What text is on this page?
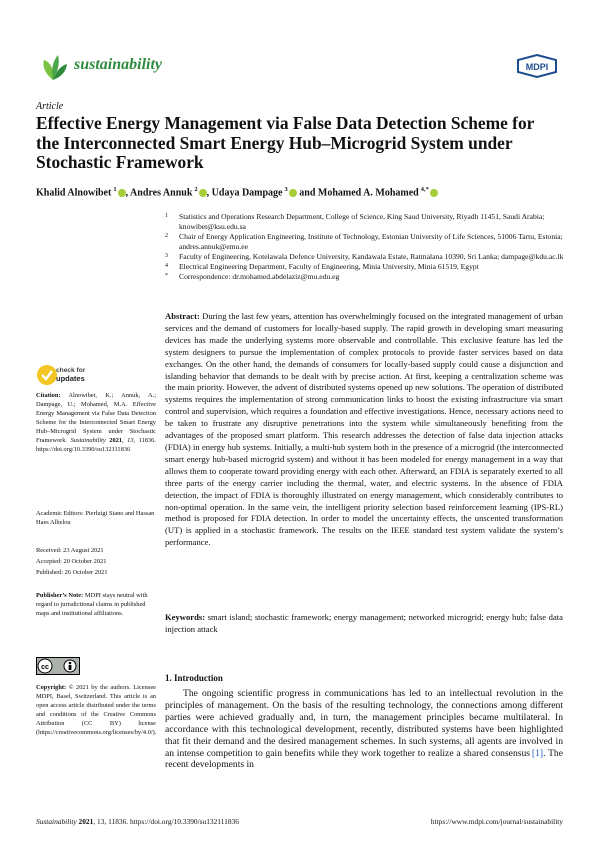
sustainability	MDPI
Article
Effective Energy Management via False Data Detection Scheme for the Interconnected Smart Energy Hub–Microgrid System under Stochastic Framework
Khalid Alnowibet  $^1$ , Andres Annuk  $^2$ , Udaya Dampage  $^3$ and Mohamed A. Mohamed  $^{4,*}$
1 Statistics and Operations Research Department, College of Science, King Saud University, Riyadh 11451, Saudi Arabia; knowibet@ksu.edu.sa
2 Chair of Energy Application Engineering, Institute of Technology, Estonian University of Life Sciences, 51006 Tartu, Estonia; andres.annuk@emu.ee
3 Faculty of Engineering, Kotelawala Defence University, Kandawala Estate, Ratmalana 10390, Sri Lanka; dampage@kdu.ac.lk
4 Electrical Engineering Department, Faculty of Engineering, Minia University, Minia 61519, Egypt
* Correspondence: dr.mohamed.abdelaziz@mu.edu.eg
Abstract: During the last few years, attention has overwhelmingly focused on the integrated management of urban services and the demand of customers for locally-based supply. The rapid growth in developing smart measuring devices has made the underlying systems more observable and controllable. This exclusive feature has led the system designers to pursue the implementation of complex protocols to provide faster services based on data exchanges. On the other hand, the demands of consumers for locally-based supply could cause a disjunction and islanding behavior that demands to be dealt with by precise action. At first, keeping a centralization scheme was the main priority. However, the advent of distributed systems opened up new solutions. The operation of distributed systems requires the implementation of strong communication links to boost the existing infrastructure via smart control and supervision, which requires a foundation and effective investigations. Hence, necessary actions need to be taken to frustrate any disruptive penetrations into the system while simultaneously benefiting from the advantages of the proposed smart platform. This research addresses the detection of false data injection attacks (FDIA) in energy hub systems. Initially, a multi-hub system both in the presence of a microgrid (the interconnected smart energy hub-based microgrid system) and without it has been modeled for energy management in a way that allows them to cooperate toward providing energy with each other. Afterward, an FDIA is separately exerted to all three parts of the energy carrier including the thermal, water, and electric systems. In the absence of FDIA detection, the impact of FDIA is thoroughly illustrated on energy management, which considerably contributes to non-optimal operation. In the same vein, the intelligent priority selection based reinforcement learning (IPS-RL) method is proposed for FDIA detection. In order to model the uncertainty effects, the unscented transformation (UT) is applied in a stochastic framework. The results on the IEEE standard test system validate the system’s performance.
Keywords: smart island; stochastic framework; energy management; networked microgrid; energy hub; false data injection attack
1. Introduction
The ongoing scientific progress in communications has led to an intellectual revolution in the principles of management. On the basis of the resulting technology, the connections among different parties were achieved gradually and, in turn, the management principles became multilateral. In accordance with this technological development, recently, distributed systems have been highlighted that fit their demand and the desired management schemes. In such systems, all agents are involved in an intense competition to gain benefits while they work together to realize a shared consensus  [1]. The recent developments in
check for
updates
Citation: Alnowibet, K.; Annuk, A.; Dampage, U.; Mohamed, M.A. Effective Energy Management via False Data Detection Scheme for the Interconnected Smart Energy Hub–Microgrid System under Stochastic Framework. Sustainability 2021, 13, 11836. https://doi.org/10.3390/su132111836
Academic Editors: Pierluigi Siano and Hassan Haes Alhelou
Received: 23 August 2021
Accepted: 20 October 2021
Published: 26 October 2021
Publisher’s Note: MDPI stays neutral with regard to jurisdictional claims in published maps and institutional affiliations.
cc
Copyright: © 2021 by the authors. Licensee MDPI, Basel, Switzerland. This article is an open access article distributed under the terms and conditions of the Creative Commons Attribution (CC BY) license (https://creativecommons.org/licenses/by/4.0/).
Sustainability 2021, 13, 11836. https://doi.org/10.3390/su132111836	https://www.mdpi.com/journal/sustainability
